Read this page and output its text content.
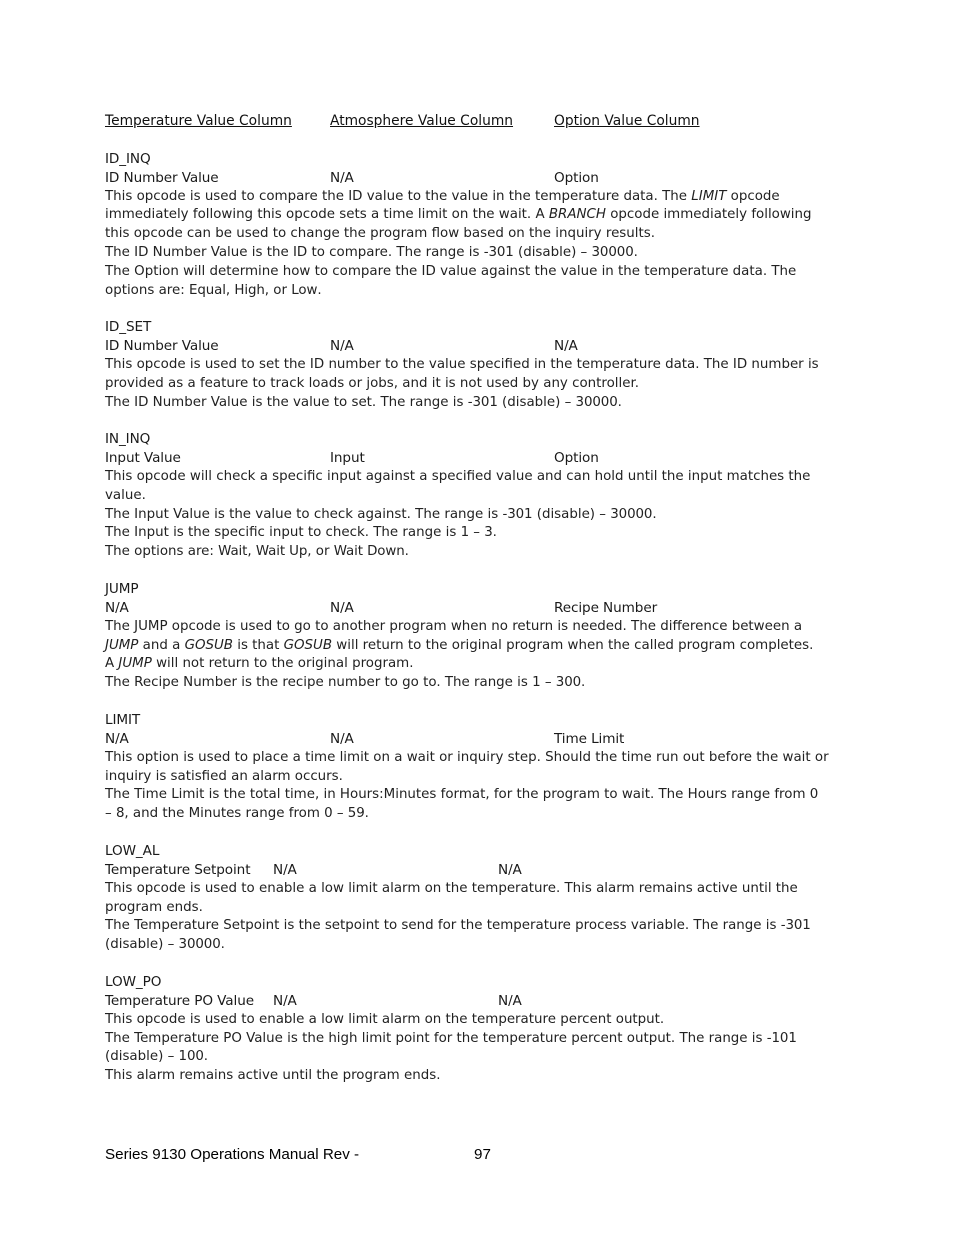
Temperature Value Column	Atmosphere Value Column	Option Value Column
ID_INQ
ID Number Value	N/A	Option
This opcode is used to compare the ID value to the value in the temperature data. The LIMIT opcode
immediately following this opcode sets a time limit on the wait. A BRANCH opcode immediately following
this opcode can be used to change the program flow based on the inquiry results.
The ID Number Value is the ID to compare. The range is -301 (disable) – 30000.
The Option will determine how to compare the ID value against the value in the temperature data. The
options are: Equal, High, or Low.
ID_SET
ID Number Value	N/A	N/A
This opcode is used to set the ID number to the value specified in the temperature data. The ID number is
provided as a feature to track loads or jobs, and it is not used by any controller.
The ID Number Value is the value to set. The range is -301 (disable) – 30000.
IN_INQ
Input Value	Input	Option
This opcode will check a specific input against a specified value and can hold until the input matches the
value.
The Input Value is the value to check against. The range is -301 (disable) – 30000.
The Input is the specific input to check. The range is 1 – 3.
The options are: Wait, Wait Up, or Wait Down.
JUMP
N/A	N/A	Recipe Number
The JUMP opcode is used to go to another program when no return is needed. The difference between a
JUMP and a GOSUB is that GOSUB will return to the original program when the called program completes.
A JUMP will not return to the original program.
The Recipe Number is the recipe number to go to. The range is 1 – 300.
LIMIT
N/A	N/A	Time Limit
This option is used to place a time limit on a wait or inquiry step. Should the time run out before the wait or
inquiry is satisfied an alarm occurs.
The Time Limit is the total time, in Hours:Minutes format, for the program to wait. The Hours range from 0
– 8, and the Minutes range from 0 – 59.
LOW_AL
Temperature Setpoint N/A	N/A
This opcode is used to enable a low limit alarm on the temperature. This alarm remains active until the
program ends.
The Temperature Setpoint is the setpoint to send for the temperature process variable. The range is -301
(disable) – 30000.
LOW_PO
Temperature PO Value N/A	N/A
This opcode is used to enable a low limit alarm on the temperature percent output.
The Temperature PO Value is the high limit point for the temperature percent output. The range is -101
(disable) – 100.
This alarm remains active until the program ends.
Series 9130 Operations Manual Rev -	97
